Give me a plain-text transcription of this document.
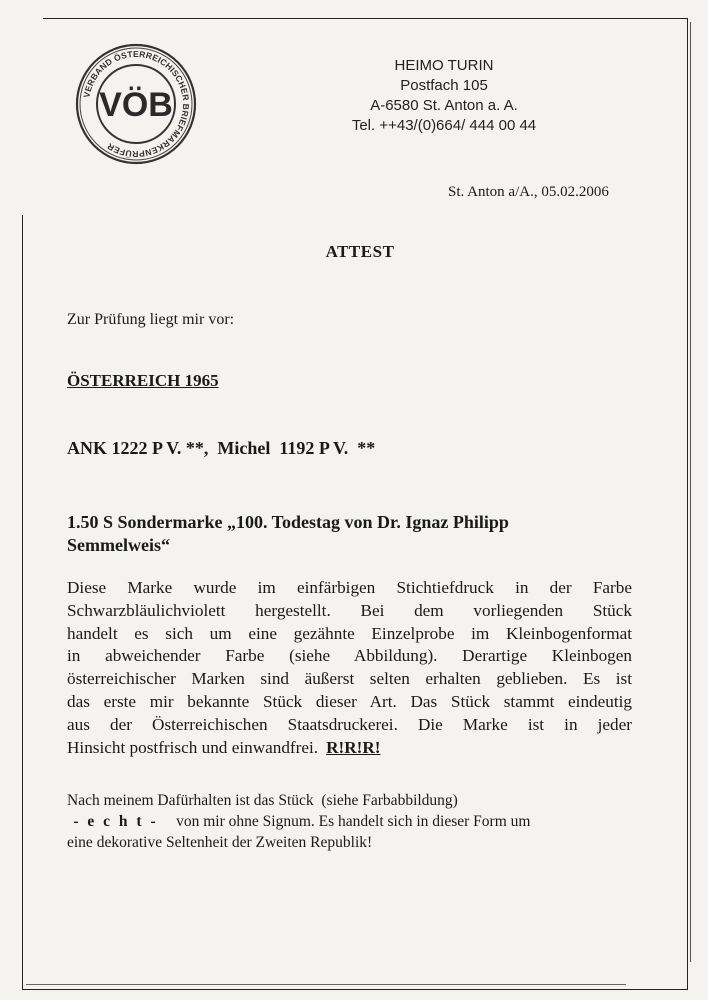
VERBAND ÖSTERREICHISCHER BRIEFMARKENPRÜFER
VÖB
HEIMO TURIN
Postfach 105
A-6580 St. Anton a. A.
Tel. ++43/(0)664/ 444 00 44
St. Anton a/A., 05.02.2006
ATTEST
Zur Prüfung liegt mir vor:
ÖSTERREICH 1965
ANK 1222 P V. **,  Michel  1192 P V.  **
1.50 S Sondermarke „100. Todestag von Dr. Ignaz Philipp
Semmelweis“
Diese Marke wurde im einfärbigen Stichtiefdruck in der Farbe
Schwarzbläulichviolett hergestellt. Bei dem vorliegenden Stück
handelt es sich um eine gezähnte Einzelprobe im Kleinbogenformat
in abweichender Farbe (siehe Abbildung). Derartige Kleinbogen
österreichischer Marken sind äußerst selten erhalten geblieben. Es ist
das erste mir bekannte Stück dieser Art. Das Stück stammt eindeutig
aus der Österreichischen Staatsdruckerei. Die Marke ist in jeder
Hinsicht postfrisch und einwandfrei. R!R!R!
Nach meinem Dafürhalten ist das Stück  (siehe Farbabbildung)
- e c h t -    von mir ohne Signum. Es handelt sich in dieser Form um
eine dekorative Seltenheit der Zweiten Republik!
